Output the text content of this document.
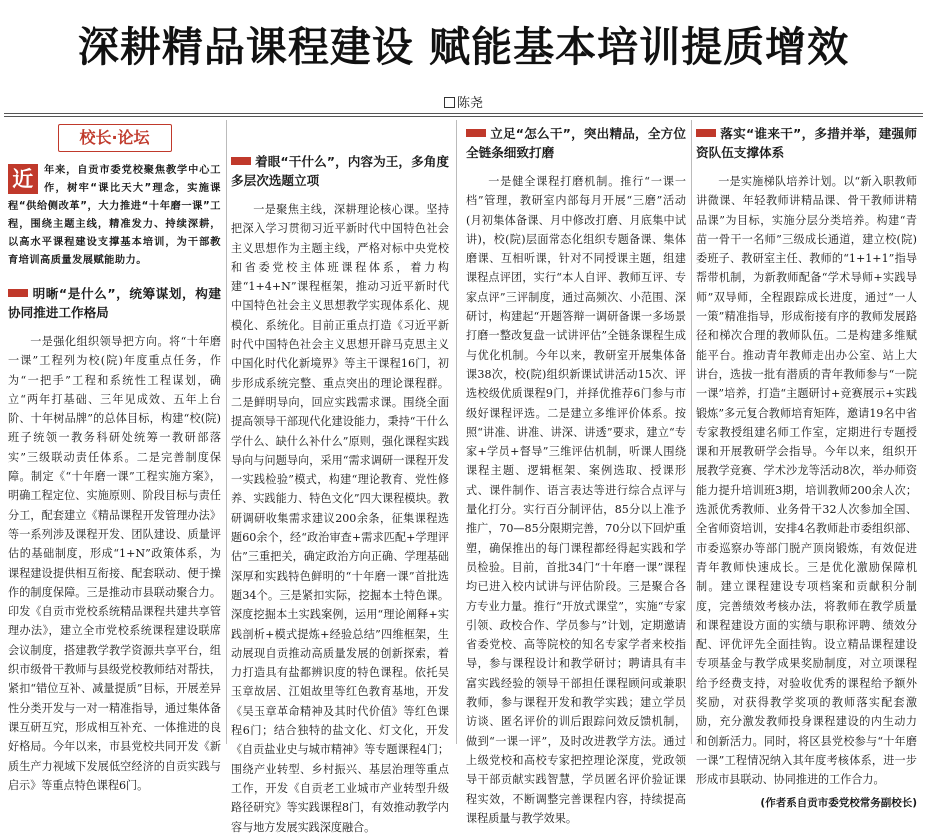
深耕精品课程建设 赋能基本培训提质增效
陈尧
校长·论坛
近	年来，自贡市委党校聚焦教学中心工作，树牢“课比天大”理念，实施课程“供给侧改革”，大力推进“十年磨一课”工程，围绕主题主线，精准发力、持续深耕，以高水平课程建设支撑基本培训，为干部教育培训高质量发展赋能助力。
明晰“是什么”，统筹谋划，构建协同推进工作格局

一是强化组织领导把方向。将“十年磨一课”工程列为校(院)年度重点任务，作为“一把手”工程和系统性工程谋划，确立“两年打基础、三年见成效、五年上台阶、十年树品牌”的总体目标，构建“校(院)班子统领一教务科研处统筹一教研部落实”三级联动责任体系。二是完善制度保障。制定《“十年磨一课”工程实施方案》，明确工程定位、实施原则、阶段目标与责任分工，配套建立《精品课程开发管理办法》等一系列涉及课程开发、团队建设、质量评估的基础制度，形成“1+N”政策体系，为课程建设提供相互衔接、配套联动、便于操作的制度保障。三是推动市县联动聚合力。印发《自贡市党校系统精品课程共建共享管理办法》，建立全市党校系统课程建设联席会议制度，搭建教学教学资源共享平台，组织市级骨干教师与县级党校教师结对帮扶，紧扣“错位互补、减量提质”目标，开展差异性分类开发与一对一精准指导，通过集体备课互研互究，形成相互补充、一体推进的良好格局。今年以来，市县党校共同开发《新质生产力视域下发展低空经济的自贡实践与启示》等重点特色课程6门。

着眼“干什么”，内容为王，多角度多层次选题立项

一是聚焦主线，深耕理论核心课。坚持把深入学习贯彻习近平新时代中国特色社会主义思想作为主题主线，严格对标中央党校和省委党校主体班课程体系，着力构建“1+4+N”课程框架，推动习近平新时代中国特色社会主义思想教学实现体系化、规模化、系统化。目前正重点打造《习近平新时代中国特色社会主义思想开辟马克思主义中国化时代化新境界》等主干课程16门，初步形成系统完整、重点突出的理论课程群。二是鲜明导向，回应实践需求课。围绕全面提高领导干部现代化建设能力，秉持“干什么学什么、缺什么补什么”原则，强化课程实践导向与问题导向，采用“需求调研一课程开发一实践检验”模式，构建“理论教育、党性修养、实践能力、特色文化”四大课程模块。教研调研收集需求建议200余条，征集课程选题60余个，经“政治审查+需求匹配+学理评估”三重把关，确定政治方向正确、学理基础深厚和实践特色鲜明的“十年磨一课”首批选题34个。三是紧扣实际，挖掘本土特色课。深度挖掘本土实践案例，运用“理论阐释+实践剖析+模式提炼+经验总结”四维框架，生动展现自贡推动高质量发展的创新探索，着力打造具有盐都辨识度的特色课程。依托吴玉章故居、江姐故里等红色教育基地，开发《吴玉章革命精神及其时代价值》等红色课程6门；结合独特的盐文化、灯文化，开发《自贡盐业史与城市精神》等专题课程4门；围绕产业转型、乡村振兴、基层治理等重点工作，开发《自贡老工业城市产业转型升级路径研究》等实践课程8门，有效推动教学内容与地方发展实践深度融合。

立足“怎么干”，突出精品，全方位全链条细致打磨

一是健全课程打磨机制。推行“一课一档”管理，教研室内部每月开展“三磨”活动(月初集体备课、月中修改打磨、月底集中试讲)，校(院)层面常态化组织专题备课、集体磨课、互相听课，针对不同授课主题，组建课程点评团，实行“本人自评、教师互评、专家点评”三评制度，通过高频次、小范围、深研讨，构建起“开题答辩一调研备课一多场景打磨一整改复盘一试讲评估”全链条课程生成与优化机制。今年以来，教研室开展集体备课38次，校(院)组织新课试讲活动15次、评选校级优质课程9门，并择优推荐6门参与市级好课程评选。二是建立多维评价体系。按照“讲准、讲准、讲深、讲透”要求，建立“专家+学员+督导”三维评估机制，听课人围绕课程主题、逻辑框架、案例选取、授课形式、课件制作、语言表达等进行综合点评与量化打分。实行百分制评估，85分以上准予推广，70—85分限期完善，70分以下回炉重塑，确保推出的每门课程都经得起实践和学员检验。目前，首批34门“十年磨一课”课程均已进入校内试讲与评估阶段。三是聚合各方专业力量。推行“开放式课堂”，实施“专家引领、政校合作、学员参与”计划，定期邀请省委党校、高等院校的知名专家学者来校指导，参与课程设计和教学研讨；聘请具有丰富实践经验的领导干部担任课程顾问或兼职教师，参与课程开发和教学实践；建立学员访谈、匿名评价的训后跟踪问效反馈机制，做到“一课一评”，及时改进教学方法。通过上级党校和高校专家把控理论深度，党政领导干部贡献实践智慧，学员匿名评价验证课程实效，不断调整完善课程内容，持续提高课程质量与教学效果。

落实“谁来干”，多措并举，建强师资队伍支撑体系

一是实施梯队培养计划。以“新入职教师讲微课、年轻教师讲精品课、骨干教师讲精品课”为目标，实施分层分类培养。构建“青苗一骨干一名师”三级成长通道，建立校(院)委班子、教研室主任、教师的“1+1+1”指导帮带机制，为新教师配备“学术导师+实践导师”双导师，全程跟踪成长进度，通过“一人一策”精准指导，形成衔接有序的教师发展路径和梯次合理的教师队伍。二是构建多维赋能平台。推动青年教师走出办公室、站上大讲台，选拔一批有潜质的青年教师参与“一院一课”培养，打造“主题研讨+竞赛展示+实践锻炼”多元复合教师培育矩阵，邀请19名中省专家教授组建名师工作室，定期进行专题授课和开展教研学会指导。今年以来，组织开展教学竞赛、学术沙龙等活动8次，举办师资能力提升培训班3期，培训教师200余人次；选派优秀教师、业务骨干32人次参加全国、全省师资培训，安排4名教师赴市委组织部、市委巡察办等部门脱产顶岗锻炼，有效促进青年教师快速成长。三是优化激励保障机制。建立课程建设专项档案和贡献积分制度，完善绩效考核办法，将教师在教学质量和课程建设方面的实绩与职称评聘、绩效分配、评优评先全面挂钩。设立精品课程建设专项基金与教学成果奖励制度，对立项课程给予经费支持，对验收优秀的课程给予额外奖励，对获得教学奖项的教师落实配套激励，充分激发教师投身课程建设的内生动力和创新活力。同时，将区县党校参与“十年磨一课”工程情况纳入其年度考核体系，进一步形成市县联动、协同推进的工作合力。

(作者系自贡市委党校常务副校长)
